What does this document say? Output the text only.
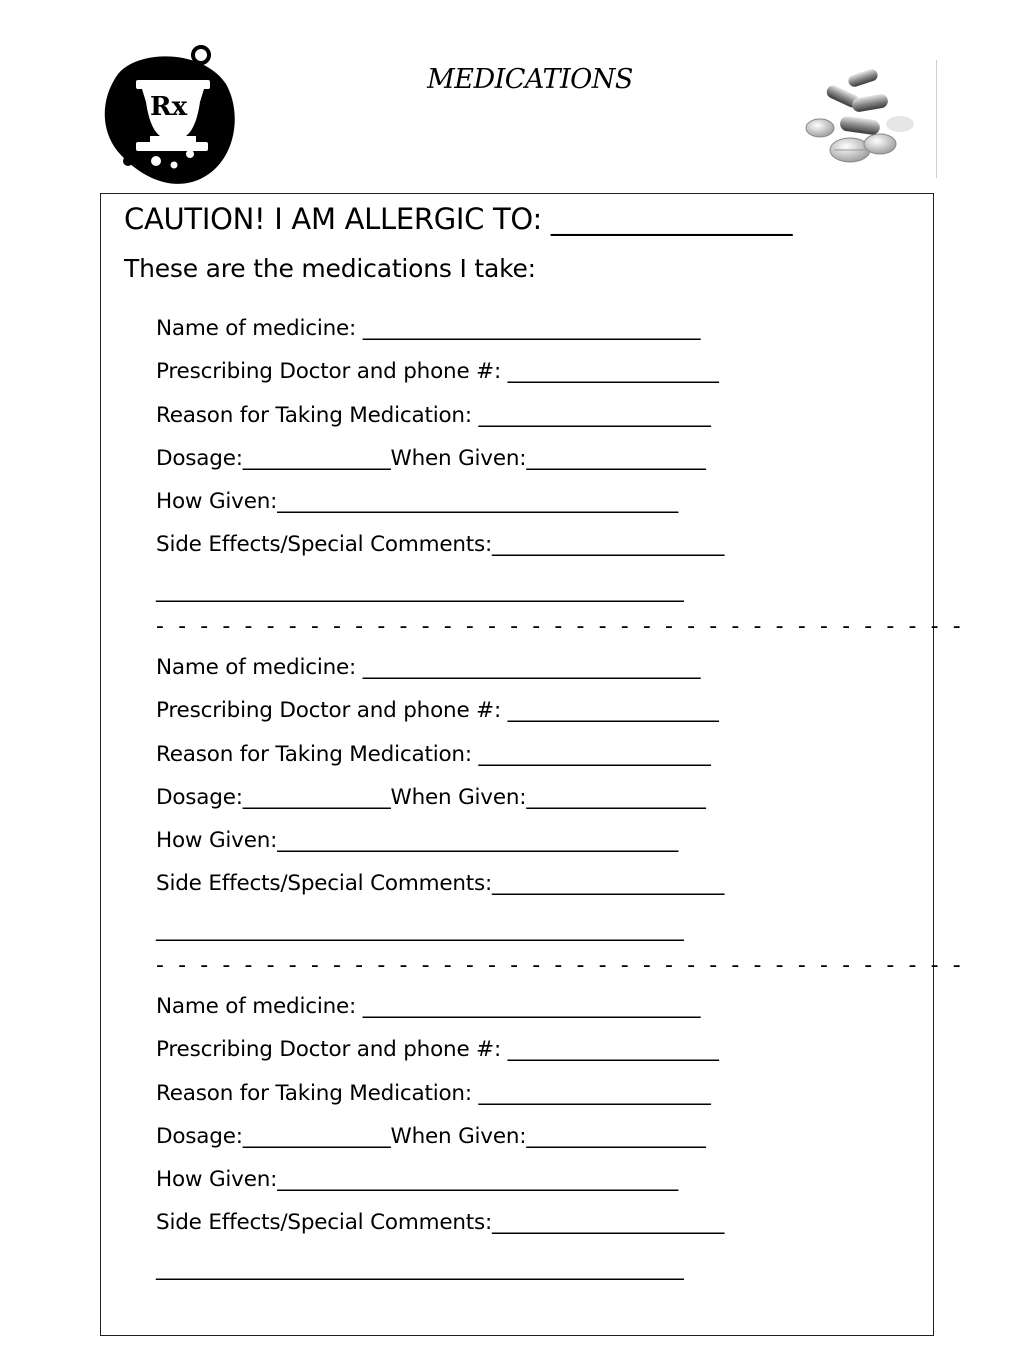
Rx
MEDICATIONS
CAUTION! I AM ALLERGIC TO: _________________
These are the medications I take:
Name of medicine: ________________________________
Prescribing Doctor and phone #: ____________________
Reason for Taking Medication: ______________________
Dosage:______________When Given:_________________
How Given:______________________________________
Side Effects/Special Comments:______________________
__________________________________________________
- - - - - - - - - - - - - - - - - - - - - - - - - - - - - - - - - - - - -
Name of medicine: ________________________________
Prescribing Doctor and phone #: ____________________
Reason for Taking Medication: ______________________
Dosage:______________When Given:_________________
How Given:______________________________________
Side Effects/Special Comments:______________________
__________________________________________________
- - - - - - - - - - - - - - - - - - - - - - - - - - - - - - - - - - - - -
Name of medicine: ________________________________
Prescribing Doctor and phone #: ____________________
Reason for Taking Medication: ______________________
Dosage:______________When Given:_________________
How Given:______________________________________
Side Effects/Special Comments:______________________
__________________________________________________
